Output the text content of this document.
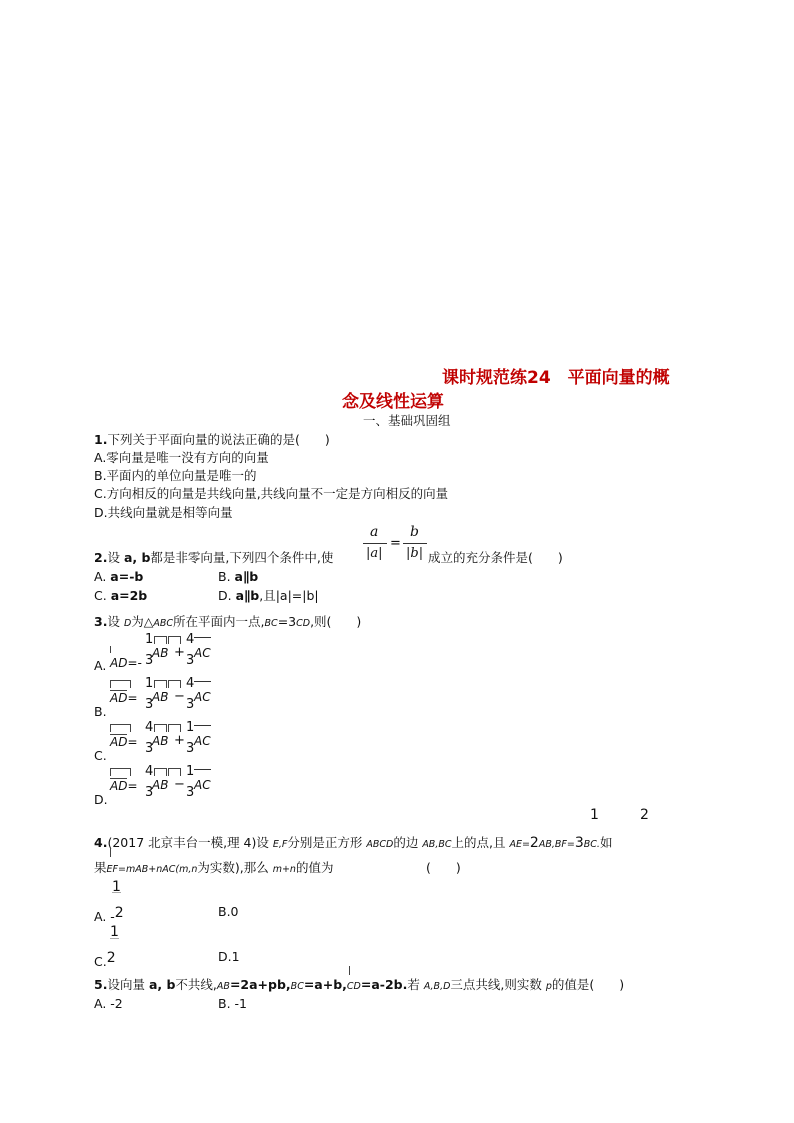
课时规范练24　平面向量的概
念及线性运算
一、基础巩固组
1.下列关于平面向量的说法正确的是(　　)
A.零向量是唯一没有方向的向量
B.平面内的单位向量是唯一的
C.方向相反的向量是共线向量,共线向量不一定是方向相反的向量
D.共线向量就是相等向量
2.设 a, b都是非零向量,下列四个条件中,使
a
|a|
=
b
|b| 成立的充分条件是(　　)
A. a=-b	B. a∥b
C. a=2b	D. a∥b,且|a|=|b|
3.设 D为△ABC所在平面内一点,BC=3CD,则(　　)
A. AD=-
1
3
AB +
4
3 AC
AD=
1
3
AB −
4
3 AC
B.
AD=
4
3
AB +
1
3 AC
C.
AD=
4
3
AB −
1
3 AC
D.
1	2
4.(2017 北京丰台一模,理 4)设 E,F分别是正方形 ABCD的边 AB,BC上的点,且 AE=2AB,BF=3BC.如
果EF=mAB+nAC(m,n为实数),那么 m+n的值为	(　　)
1
A. -2	B.0
1
C.2	D.1
5.设向量 a, b不共线,AB=2a+pb,BC=a+b,CD=a-2b.若 A,B,D三点共线,则实数 p的值是(　　)
A. -2	B. -1
